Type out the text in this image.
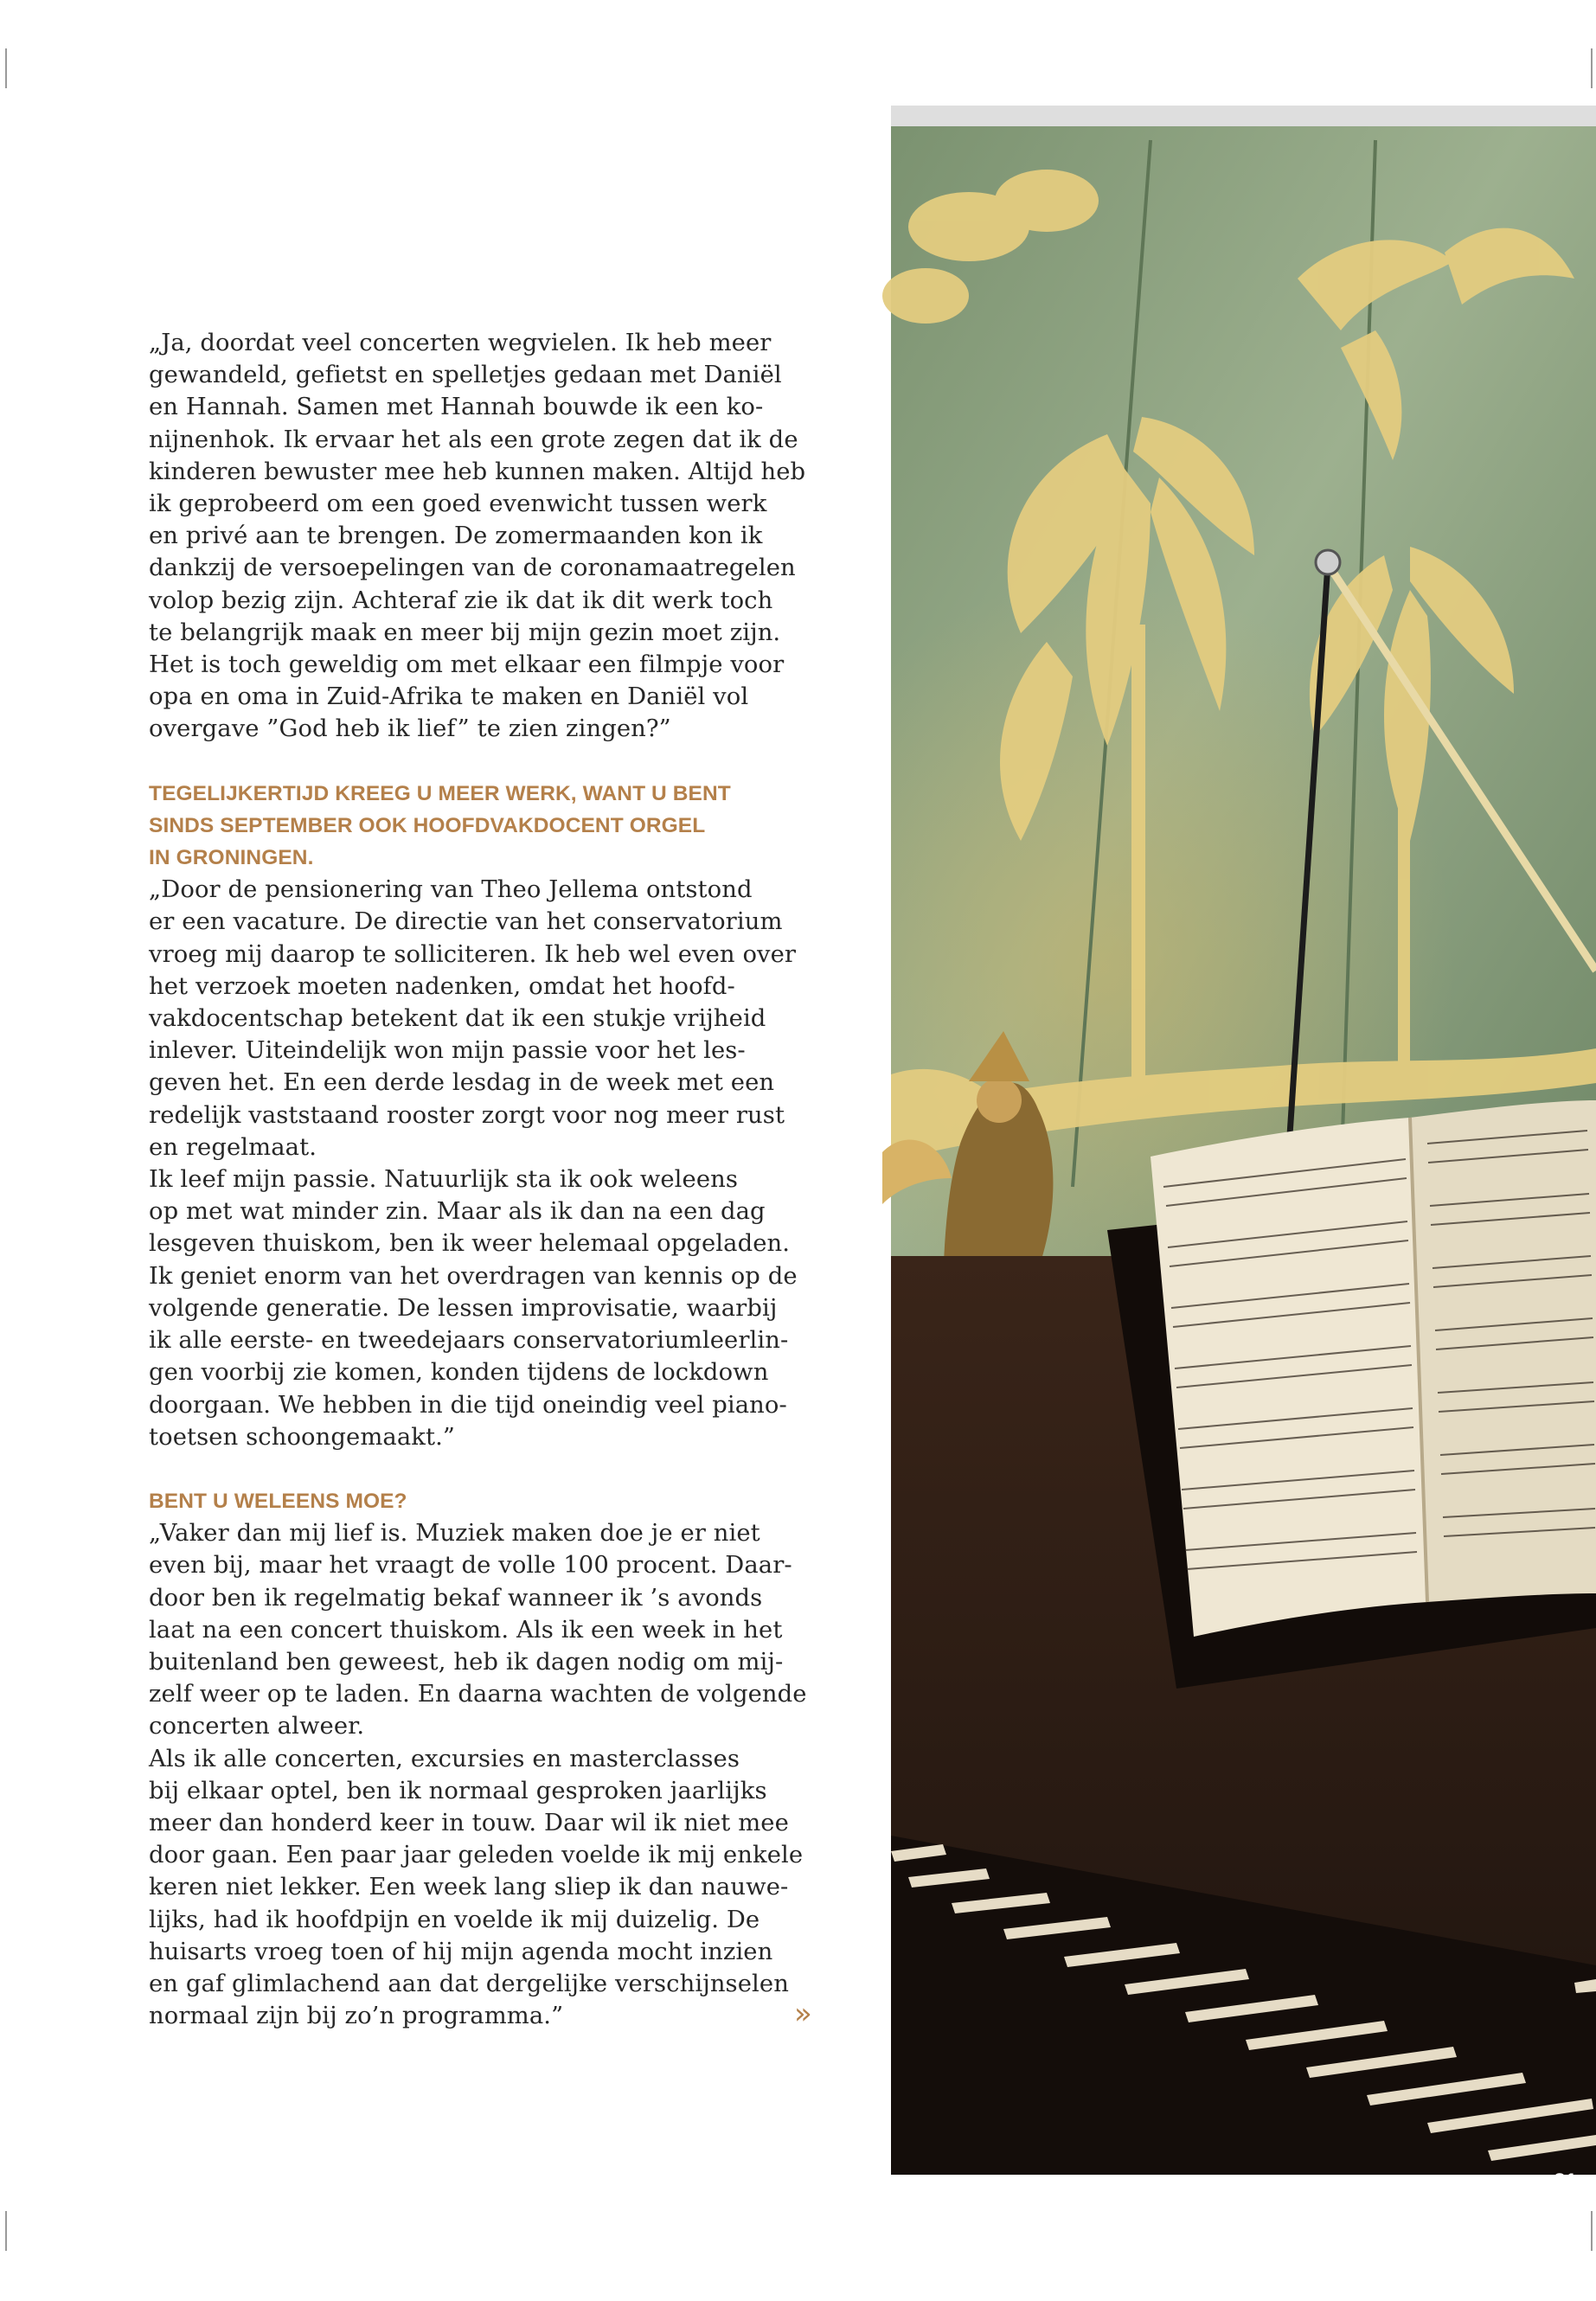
„Ja, doordat veel concerten wegvielen. Ik heb meer

gewandeld, gefietst en spelletjes gedaan met Daniël

en Hannah. Samen met Hannah bouwde ik een ko-

nijnenhok. Ik ervaar het als een grote zegen dat ik de

kinderen bewuster mee heb kunnen maken. Altijd heb

ik geprobeerd om een goed evenwicht tussen werk

en privé aan te brengen. De zomermaanden kon ik

dankzij de versoepelingen van de coronamaatregelen

volop bezig zijn. Achteraf zie ik dat ik dit werk toch

te belangrijk maak en meer bij mijn gezin moet zijn.

Het is toch geweldig om met elkaar een filmpje voor

opa en oma in Zuid-Afrika te maken en Daniël vol

overgave ”God heb ik lief” te zien zingen?”

TEGELIJKERTIJD KREEG U MEER WERK, WANT U BENT
SINDS SEPTEMBER OOK HOOFDVAKDOCENT ORGEL
IN GRONINGEN.

„Door de pensionering van Theo Jellema ontstond

er een vacature. De directie van het conservatorium

vroeg mij daarop te solliciteren. Ik heb wel even over

het verzoek moeten nadenken, omdat het hoofd-

vakdocentschap betekent dat ik een stukje vrijheid

inlever. Uiteindelijk won mijn passie voor het les-

geven het. En een derde lesdag in de week met een

redelijk vaststaand rooster zorgt voor nog meer rust

en regelmaat.

Ik leef mijn passie. Natuurlijk sta ik ook weleens

op met wat minder zin. Maar als ik dan na een dag

lesgeven thuiskom, ben ik weer helemaal opgeladen.

Ik geniet enorm van het overdragen van kennis op de

volgende generatie. De lessen improvisatie, waarbij

ik alle eerste- en tweedejaars conservatoriumleerlin-

gen voorbij zie komen, konden tijdens de lockdown

doorgaan. We hebben in die tijd oneindig veel piano-

toetsen schoongemaakt.”

BENT U WELEENS MOE?

„Vaker dan mij lief is. Muziek maken doe je er niet

even bij, maar het vraagt de volle 100 procent. Daar-

door ben ik regelmatig bekaf wanneer ik ’s avonds

laat na een concert thuiskom. Als ik een week in het

buitenland ben geweest, heb ik dagen nodig om mij-

zelf weer op te laden. En daarna wachten de volgende

concerten alweer.

Als ik alle concerten, excursies en masterclasses

bij elkaar optel, ben ik normaal gesproken jaarlijks

meer dan honderd keer in touw. Daar wil ik niet mee

door gaan. Een paar jaar geleden voelde ik mij enkele

keren niet lekker. Een week lang sliep ik dan nauwe-

lijks, had ik hoofdpijn en voelde ik mij duizelig. De

huisarts vroeg toen of hij mijn agenda mocht inzien

en gaf glimlachend aan dat dergelijke verschijnselen

normaal zijn bij zo’n programma.”	»
81
